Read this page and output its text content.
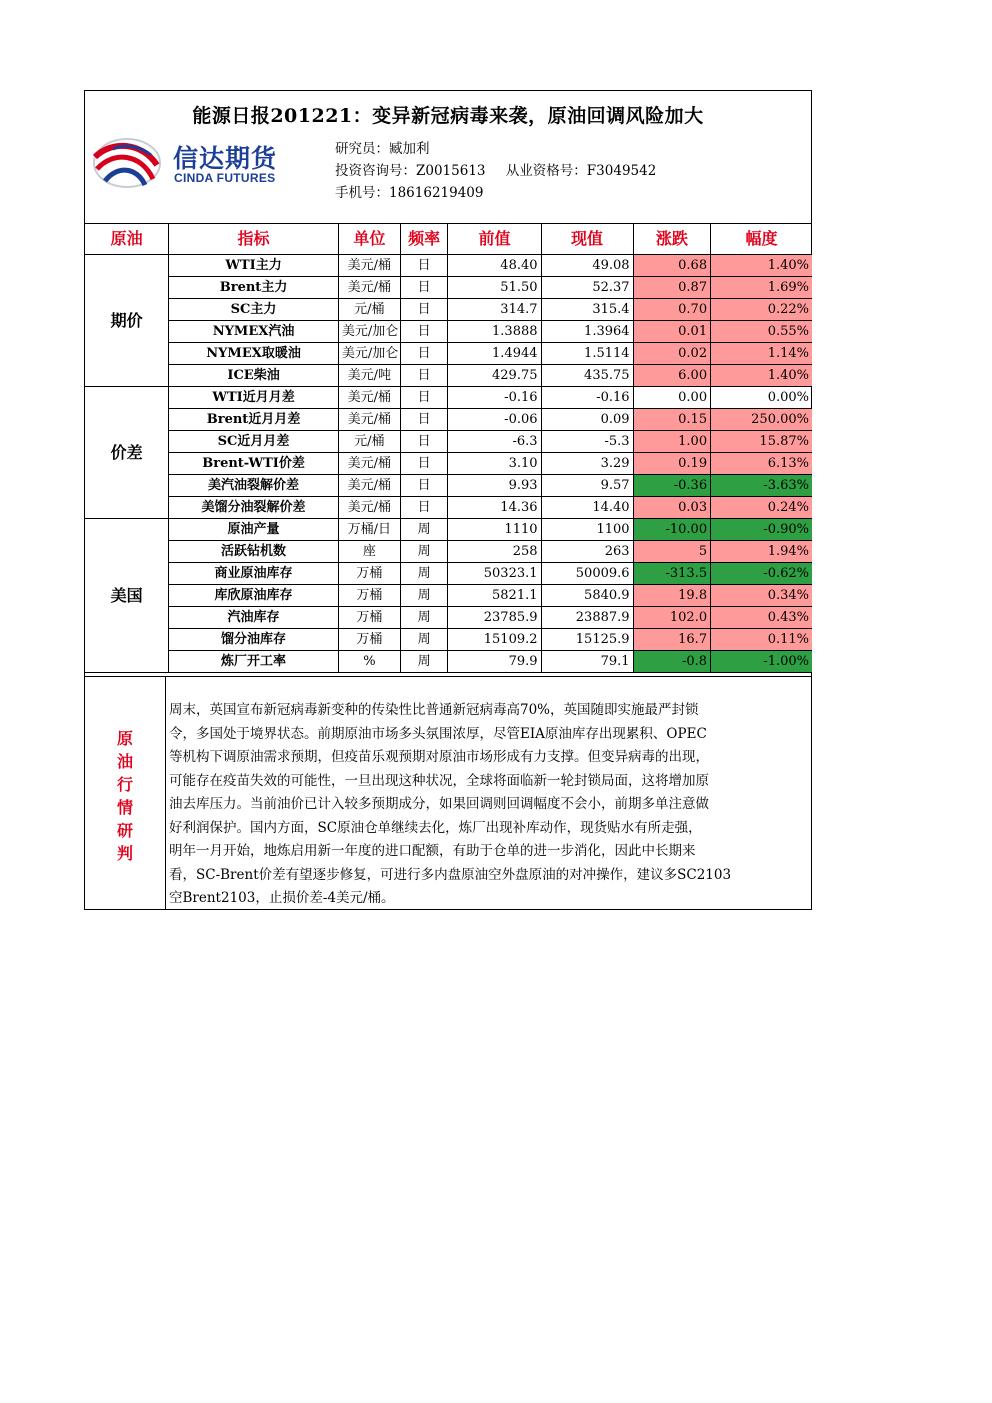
能源日报201221：变异新冠病毒来袭，原油回调风险加大
信达期货
CINDA FUTURES
研究员：臧加利
投资咨询号：Z0015613 从业资格号：F3049542
手机号：18616219409
原油	指标	单位	频率	前值	现值	涨跌	幅度
期价	WTI主力	美元/桶	日	48.40	49.08	0.68	1.40%
	Brent主力	美元/桶	日	51.50	52.37	0.87	1.69%
	SC主力	元/桶	日	314.7	315.4	0.70	0.22%
	NYMEX汽油	美元/加仑	日	1.3888	1.3964	0.01	0.55%
	NYMEX取暖油	美元/加仑	日	1.4944	1.5114	0.02	1.14%
	ICE柴油	美元/吨	日	429.75	435.75	6.00	1.40%
价差	WTI近月月差	美元/桶	日	-0.16	-0.16	0.00	0.00%
	Brent近月月差	美元/桶	日	-0.06	0.09	0.15	250.00%
	SC近月月差	元/桶	日	-6.3	-5.3	1.00	15.87%
	Brent-WTI价差	美元/桶	日	3.10	3.29	0.19	6.13%
	美汽油裂解价差	美元/桶	日	9.93	9.57	-0.36	-3.63%
	美馏分油裂解价差	美元/桶	日	14.36	14.40	0.03	0.24%
美国	原油产量	万桶/日	周	1110	1100	-10.00	-0.90%
	活跃钻机数	座	周	258	263	5	1.94%
	商业原油库存	万桶	周	50323.1	50009.6	-313.5	-0.62%
	库欣原油库存	万桶	周	5821.1	5840.9	19.8	0.34%
	汽油库存	万桶	周	23785.9	23887.9	102.0	0.43%
	馏分油库存	万桶	周	15109.2	15125.9	16.7	0.11%
	炼厂开工率	%	周	79.9	79.1	-0.8	-1.00%
原
油
行
情
研
判
周末，英国宣布新冠病毒新变种的传染性比普通新冠病毒高70%，英国随即实施最严封锁
令，多国处于境界状态。前期原油市场多头氛围浓厚，尽管EIA原油库存出现累积、OPEC
等机构下调原油需求预期，但疫苗乐观预期对原油市场形成有力支撑。但变异病毒的出现，
可能存在疫苗失效的可能性，一旦出现这种状况，全球将面临新一轮封锁局面，这将增加原
油去库压力。当前油价已计入较多预期成分，如果回调则回调幅度不会小，前期多单注意做
好利润保护。国内方面，SC原油仓单继续去化，炼厂出现补库动作，现货贴水有所走强，
明年一月开始，地炼启用新一年度的进口配额，有助于仓单的进一步消化，因此中长期来
看，SC-Brent价差有望逐步修复，可进行多内盘原油空外盘原油的对冲操作，建议多SC2103
空Brent2103，止损价差-4美元/桶。
